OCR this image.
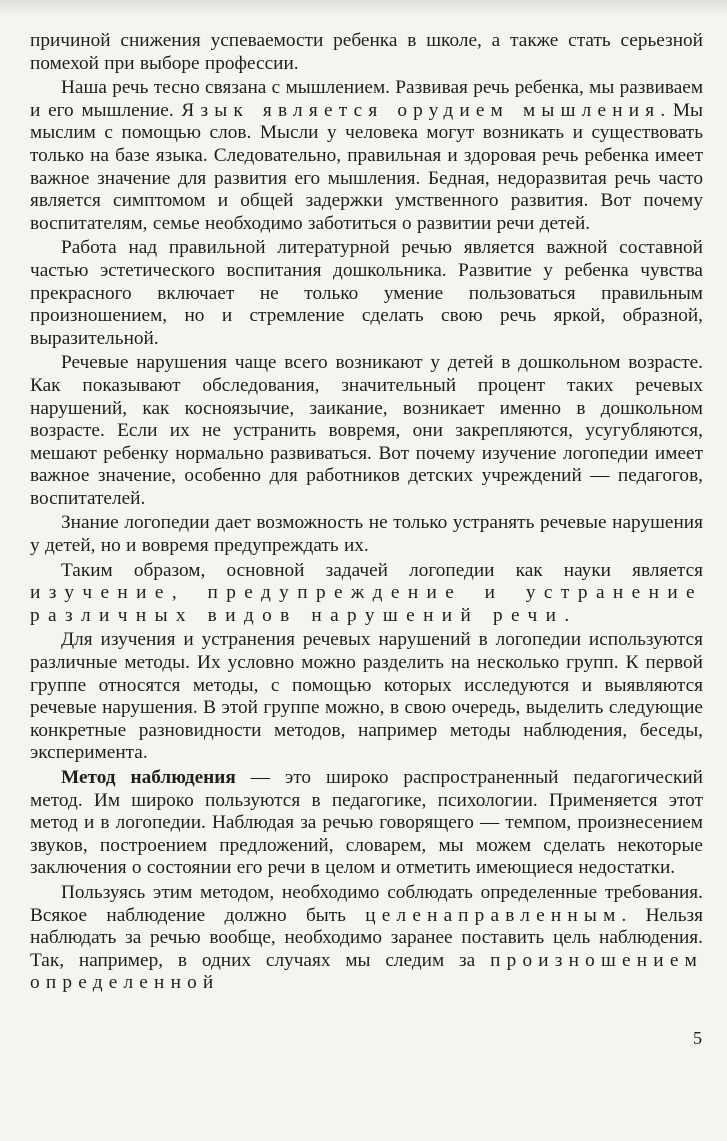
причиной снижения успеваемости ребенка в школе, а также стать серьезной помехой при выборе профессии.

Наша речь тесно связана с мышлением. Развивая речь ребенка, мы развиваем и его мышление. Язык является орудием мышления. Мы мыслим с помощью слов. Мысли у человека могут возникать и существовать только на базе языка. Следовательно, правильная и здоровая речь ребенка имеет важное значение для развития его мышления. Бедная, недоразвитая речь часто является симптомом и общей задержки умственного развития. Вот почему воспитателям, семье необходимо заботиться о развитии речи детей.

Работа над правильной литературной речью является важной составной частью эстетического воспитания дошкольника. Развитие у ребенка чувства прекрасного включает не только умение пользоваться правильным произношением, но и стремление сделать свою речь яркой, образной, выразительной.

Речевые нарушения чаще всего возникают у детей в дошкольном возрасте. Как показывают обследования, значительный процент таких речевых нарушений, как косноязычие, заикание, возникает именно в дошкольном возрасте. Если их не устранить вовремя, они закрепляются, усугубляются, мешают ребенку нормально развиваться. Вот почему изучение логопедии имеет важное значение, особенно для работников детских учреждений — педагогов, воспитателей.

Знание логопедии дает возможность не только устранять речевые нарушения у детей, но и вовремя предупреждать их.

Таким образом, основной задачей логопедии как науки является изучение, предупреждение и устранение различных видов нарушений речи.

Для изучения и устранения речевых нарушений в логопедии используются различные методы. Их условно можно разделить на несколько групп. К первой группе относятся методы, с помощью которых исследуются и выявляются речевые нарушения. В этой группе можно, в свою очередь, выделить следующие конкретные разновидности методов, например методы наблюдения, беседы, эксперимента.

Метод наблюдения — это широко распространенный педагогический метод. Им широко пользуются в педагогике, психологии. Применяется этот метод и в логопедии. Наблюдая за речью говорящего — темпом, произнесением звуков, построением предложений, словарем, мы можем сделать некоторые заключения о состоянии его речи в целом и отметить имеющиеся недостатки.

Пользуясь этим методом, необходимо соблюдать определенные требования. Всякое наблюдение должно быть целенаправленным. Нельзя наблюдать за речью вообще, необходимо заранее поставить цель наблюдения. Так, например, в одних случаях мы следим за произношением определенной

5
